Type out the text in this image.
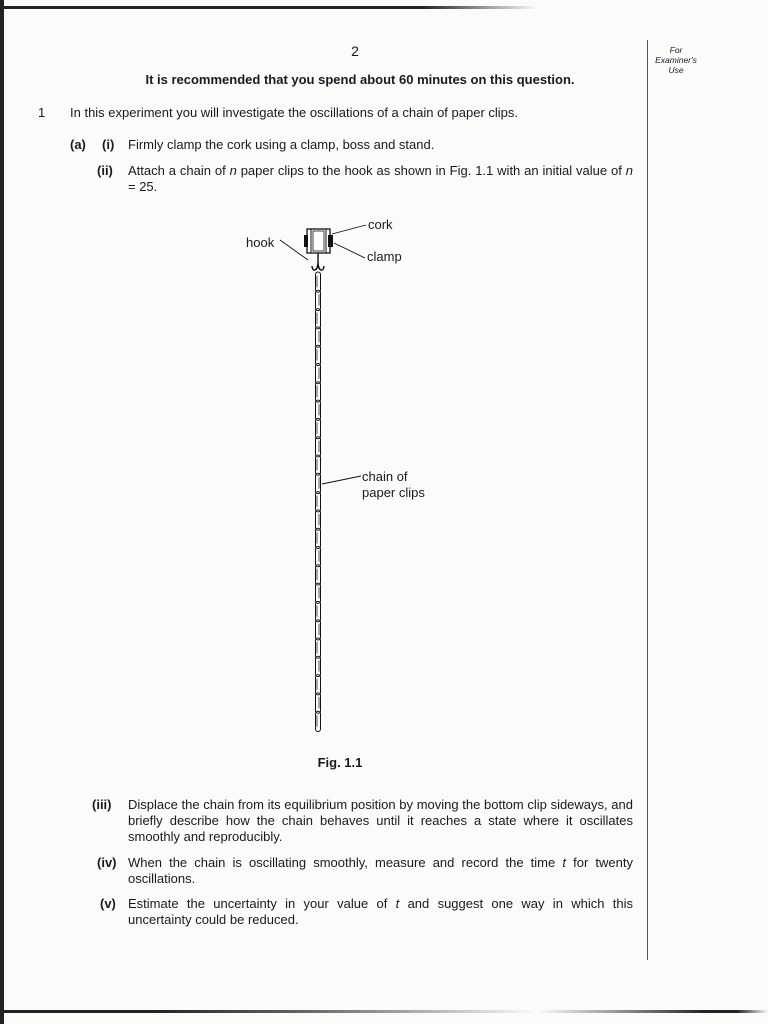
2
It is recommended that you spend about 60 minutes on this question.
For Examiner's Use
1 In this experiment you will investigate the oscillations of a chain of paper clips.
(a) (i) Firmly clamp the cork using a clamp, boss and stand.
(ii) Attach a chain of n paper clips to the hook as shown in Fig. 1.1 with an initial value of n = 25.
cork
hook
clamp
chain of
paper clips
Fig. 1.1
(iii) Displace the chain from its equilibrium position by moving the bottom clip sideways, and briefly describe how the chain behaves until it reaches a state where it oscillates smoothly and reproducibly.
(iv) When the chain is oscillating smoothly, measure and record the time t for twenty oscillations.
(v) Estimate the uncertainty in your value of t and suggest one way in which this uncertainty could be reduced.
